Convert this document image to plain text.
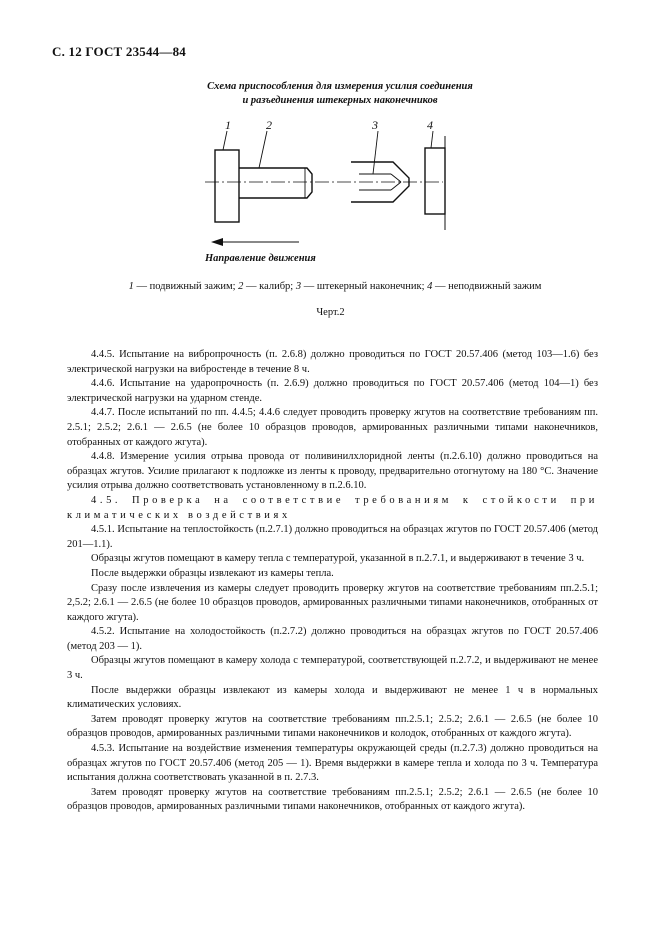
С. 12 ГОСТ 23544—84
Схема приспособления для измерения усилия соединения
и разъединения штекерных наконечников
1	2	3	4
Направление движения
1 — подвижный зажим; 2 — калибр; 3 — штекерный наконечник; 4 — неподвижный зажим
Черт.2

4.4.5. Испытание на вибропрочность (п. 2.6.8) должно проводиться по ГОСТ 20.57.406 (метод 103—1.6) без электрической нагрузки на вибростенде в течение 8 ч.

4.4.6. Испытание на ударопрочность (п. 2.6.9) должно проводиться по ГОСТ 20.57.406 (метод 104—1) без электрической нагрузки на ударном стенде.

4.4.7. После испытаний по пп. 4.4.5; 4.4.6 следует проводить проверку жгутов на соответствие требованиям пп. 2.5.1; 2.5.2; 2.6.1 — 2.6.5 (не более 10 образцов проводов, армированных различными типами наконечников, отобранных от каждого жгута).

4.4.8. Измерение усилия отрыва провода от поливинилхлоридной ленты (п.2.6.10) должно проводиться на образцах жгутов. Усилие прилагают к подложке из ленты к проводу, предварительно отогнутому на 180 °С. Значение усилия отрыва должно соответствовать установленному в п.2.6.10.

4.5. Проверка на соответствие требованиям к стойкости при климатических воздействиях

4.5.1. Испытание на теплостойкость (п.2.7.1) должно проводиться на образцах жгутов по ГОСТ 20.57.406 (метод 201—1.1).

Образцы жгутов помещают в камеру тепла с температурой, указанной в п.2.7.1, и выдерживают в течение 3 ч.

После выдержки образцы извлекают из камеры тепла.

Сразу после извлечения из камеры следует проводить проверку жгутов на соответствие требованиям пп.2.5.1; 2,5.2; 2.6.1 — 2.6.5 (не более 10 образцов проводов, армированных различными типами наконечников, отобранных от каждого жгута).

4.5.2. Испытание на холодостойкость (п.2.7.2) должно проводиться на образцах жгутов по ГОСТ 20.57.406 (метод 203 — 1).

Образцы жгутов помещают в камеру холода с температурой, соответствующей п.2.7.2, и выдерживают не менее 3 ч.

После выдержки образцы извлекают из камеры холода и выдерживают не менее 1 ч в нормальных климатических условиях.

Затем проводят проверку жгутов на соответствие требованиям пп.2.5.1; 2.5.2; 2.6.1 — 2.6.5 (не более 10 образцов проводов, армированных различными типами наконечников и колодок, отобранных от каждого жгута).

4.5.3. Испытание на воздействие изменения температуры окружающей среды (п.2.7.3) должно проводиться на образцах жгутов по ГОСТ 20.57.406 (метод 205 — 1). Время выдержки в камере тепла и холода по 3 ч. Температура испытания должна соответствовать указанной в п. 2.7.3.

Затем проводят проверку жгутов на соответствие требованиям пп.2.5.1; 2.5.2; 2.6.1 — 2.6.5 (не более 10 образцов проводов, армированных различными типами наконечников, отобранных от каждого жгута).
